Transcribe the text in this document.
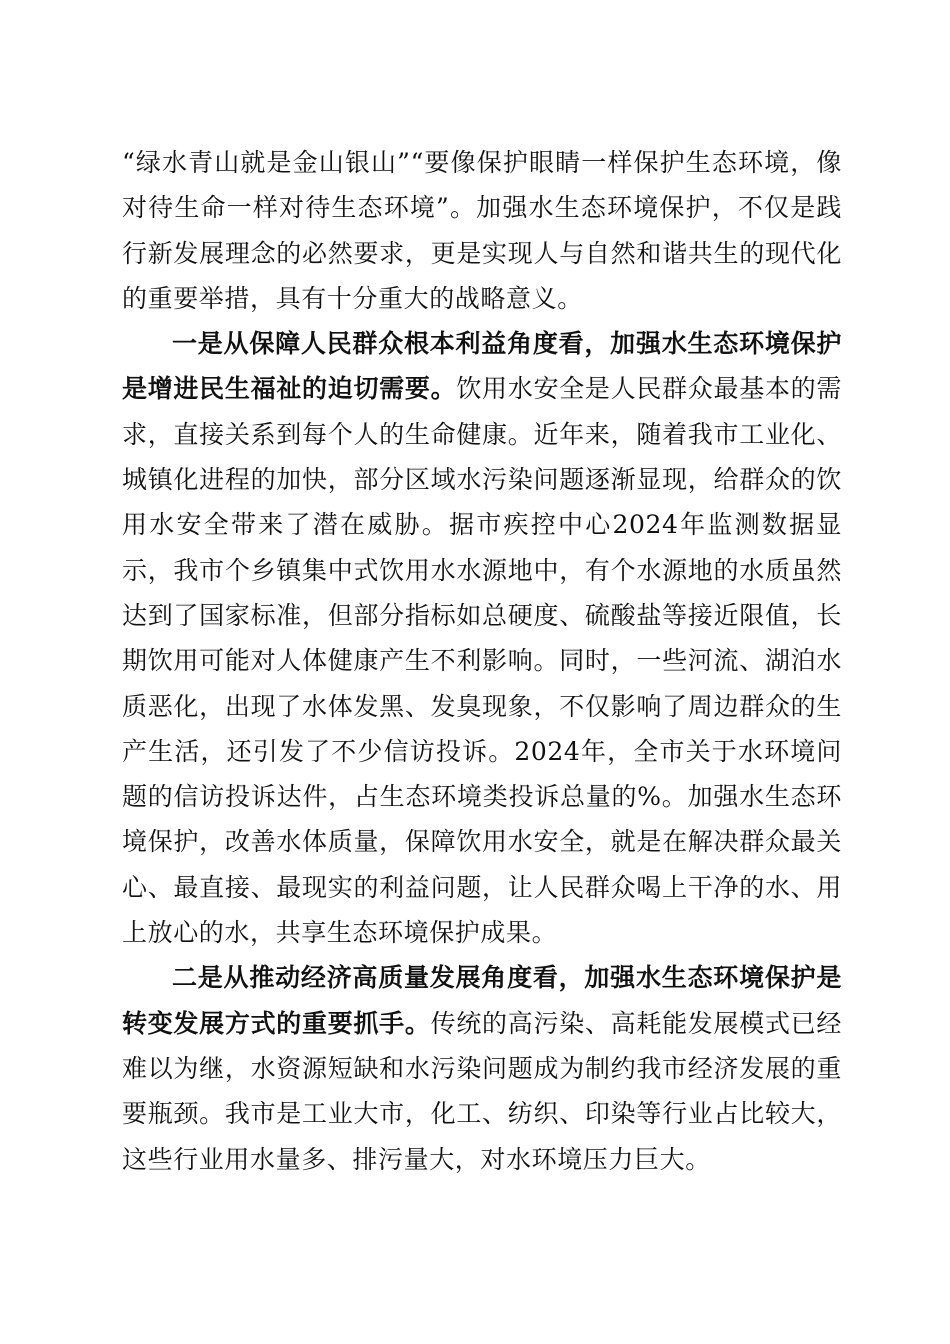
“绿水青山就是金山银山”“要像保护眼睛一样保护生态环境，像对待生命一样对待生态环境”。加强水生态环境保护，不仅是践行新发展理念的必然要求，更是实现人与自然和谐共生的现代化的重要举措，具有十分重大的战略意义。

一是从保障人民群众根本利益角度看，加强水生态环境保护是增进民生福祉的迫切需要。饮用水安全是人民群众最基本的需求，直接关系到每个人的生命健康。近年来，随着我市工业化、城镇化进程的加快，部分区域水污染问题逐渐显现，给群众的饮用水安全带来了潜在威胁。据市疾控中心2024年监测数据显示，我市个乡镇集中式饮用水水源地中，有个水源地的水质虽然达到了国家标准，但部分指标如总硬度、硫酸盐等接近限值，长期饮用可能对人体健康产生不利影响。同时，一些河流、湖泊水质恶化，出现了水体发黑、发臭现象，不仅影响了周边群众的生产生活，还引发了不少信访投诉。2024年，全市关于水环境问题的信访投诉达件，占生态环境类投诉总量的%。加强水生态环境保护，改善水体质量，保障饮用水安全，就是在解决群众最关心、最直接、最现实的利益问题，让人民群众喝上干净的水、用上放心的水，共享生态环境保护成果。

二是从推动经济高质量发展角度看，加强水生态环境保护是转变发展方式的重要抓手。传统的高污染、高耗能发展模式已经难以为继，水资源短缺和水污染问题成为制约我市经济发展的重要瓶颈。我市是工业大市，化工、纺织、印染等行业占比较大，这些行业用水量多、排污量大，对水环境压力巨大。
